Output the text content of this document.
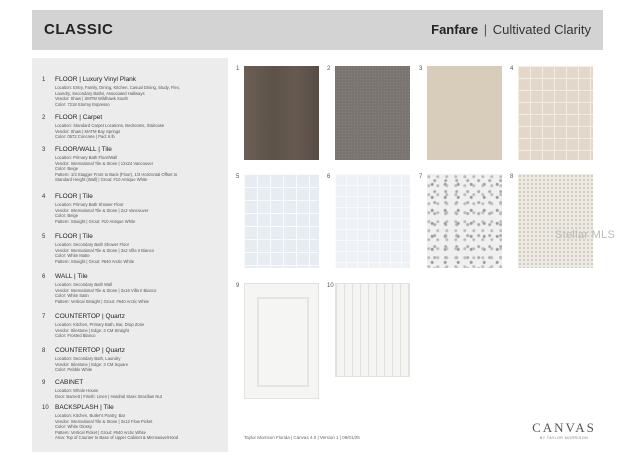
CLASSIC	Fanfare | Cultivated Clarity
1 FLOOR | Luxury Vinyl Plank
Location: Entry, Family, Dining, Kitchen, Casual Dining, Study, Flex,
Laundry, Secondary Baths, Associated Hallways
Vendor: Shaw | SMTM Wildhawk South
Color: 7218 Stormy Espresso
2 FLOOR | Carpet
Location: Standard Carpet Locations, Bedrooms, Staircase
Vendor: Shaw | MATM Bay Springs
Color: 0572 Concrete | Pad: 6 lb
3 FLOOR/WALL | Tile
Location: Primary Bath Floor/Wall
Vendor: International Tile & Stone | 12x24 Vancouver
Color: Beige
Pattern: 1/3 Stagger Front to Back (Floor), 1/3 Horizontal Offset to
Standard Height (Wall) | Grout: #10 Antique White
4 FLOOR | Tile
Location: Primary Bath Shower Floor
Vendor: International Tile & Stone | 2x2 Vancouver
Color: Beige
Pattern: Straight | Grout: #10 Antique White
5 FLOOR | Tile
Location: Secondary Bath Shower Floor
Vendor: International Tile & Stone | 3x2 Villa II Bianco
Color: White Matte
Pattern: Straight | Grout: #640 Arctic White
6 WALL | Tile
Location: Secondary Bath Wall
Vendor: International Tile & Stone | 3x16 Villa II Bianco
Color: White Satin
Pattern: Vertical Straight | Grout: #640 Arctic White
7 COUNTERTOP | Quartz
Location: Kitchen, Primary Bath, Bar, Drop Zone
Vendor: Silestone | Edge: 3 CM Straight
Color: Frosted Blanco
8 COUNTERTOP | Quartz
Location: Secondary Bath, Laundry
Vendor: Silestone | Edge: 3 CM Square
Color: Pebble White
9 CABINET
Location: Whole House
Door: Barnett | Finish: Linen | Hardrial Stain: Brazilian Nut
10 BACKSPLASH | Tile
Location: Kitchen, Butler's Pantry, Bar
Vendor: International Tile & Stone | 3x12 Flow Picket
Color: White Glossy
Pattern: Vertical Picket | Grout: #640 Arctic White
Area: Top of Counter to Base of Upper Cabinet & Microwave/Hood
1	2	3	4
5	6	7	8
9	10
Stellar MLS
Taylor Morrison Florida | Canvas 4.0 | Version 1 | 09/01/25
CANVAS
BY TAYLOR MORRISON
